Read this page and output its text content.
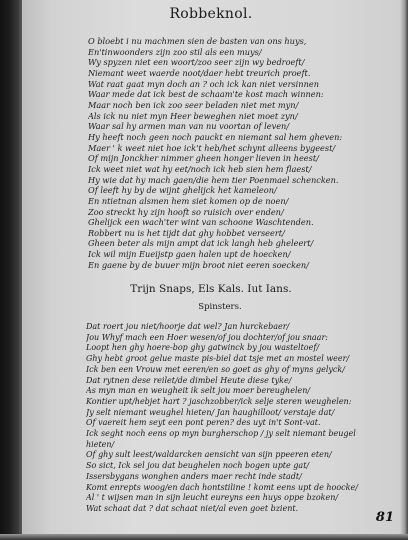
Robbeknol.
O bloebt i nu machmen sien de basten van ons huys,
En'tinwoonders zijn zoo stil als een muys/
Wy spyzen niet een woort/zoo seer zijn wy bedroeft/
Niemant weet waerde noot/daer hebt treurich proeft.
Wat raat gaat myn doch an ? och ick kan niet versinnen
Waar mede dat ick best de schaam'te kost mach winnen:
Maar noch ben ick zoo seer beladen niet met myn/
Als ick nu niet myn Heer beweghen niet moet zyn/
Waar sal hy armen man van nu voortan of leven/
Hy heeft noch geen noch pauckt en niemant sal hem gheven:
Maer ' k weet niet hoe ick't heb/het schynt alleens bygeest/
Of mijn Jonckher nimmer gheen honger lieven in heest/
Ick weet niet wat hy eet/noch ick heb sien hem flaest/
Hy wie dat hy mach gaen/die hem tier Poenmael schencken.
Of leeft hy by de wijnt ghelijck het kameleon/
En ntietnan alsmen hem siet komen op de noen/
Zoo streckt hy zijn hooft so ruisich over enden/
Ghelijck een wach'ter wint van schoone Waschtenden.
Robbert nu is het tijdt dat ghy hobbet verseert/
Gheen beter als mijn ampt dat ick langh heb gheleert/
Ick wil mijn Eueijstp gaen halen upt de hoecken/
En gaene by de buuer mijn broot niet eeren soecken/
Trijn Snaps, Els Kals. Iut Ians.
Spinsters.
Dat roert jou niet/hoorje dat wel? Jan hurckebaer/
Jou Whyf mach een Hoer wesen/of jou dochter/of jou snaar:
Loopt hen ghy hoere-bop ghy gatwinck by jou wasteltoef/
Ghy hebt groot gelue maste pis-biel dat tsje met an mostel weer/
Ick ben een Vrouw met eeren/en so goet as ghy of myns gelyck/
Dat rytnen dese reilet/de dimbel Heute diese tyke/
As myn man en weugheit ik selt jou moer bereughelen/
Kontier upt/hebjet hart ? jaschzobber/ick selje steren weughelen:
Jy selt niemant weughel hieten/ Jan haughilloot/ verstaje dat/
Of vaereit hem seyt een pont peren? des uyt in't Sont-vat.
Ick seght noch eens op myn burgherschop / jy selt niemant beugel
hieten/
Of ghy sult leest/waldarcken aensicht van sijn ppeeren eten/
So sict, Ick sel jou dat beughelen noch bogen upte gat/
Issersbygans wonghen anders maer recht inde stadt/
Komt enrepts woog/en dach hontstiline ! komt eens upt de hoocke/
Al ' t wijsen man in sijn leucht eureyns een huys oppe bzoken/
Wat schaat dat ? dat schaat niet/al even goet bzient.
81
